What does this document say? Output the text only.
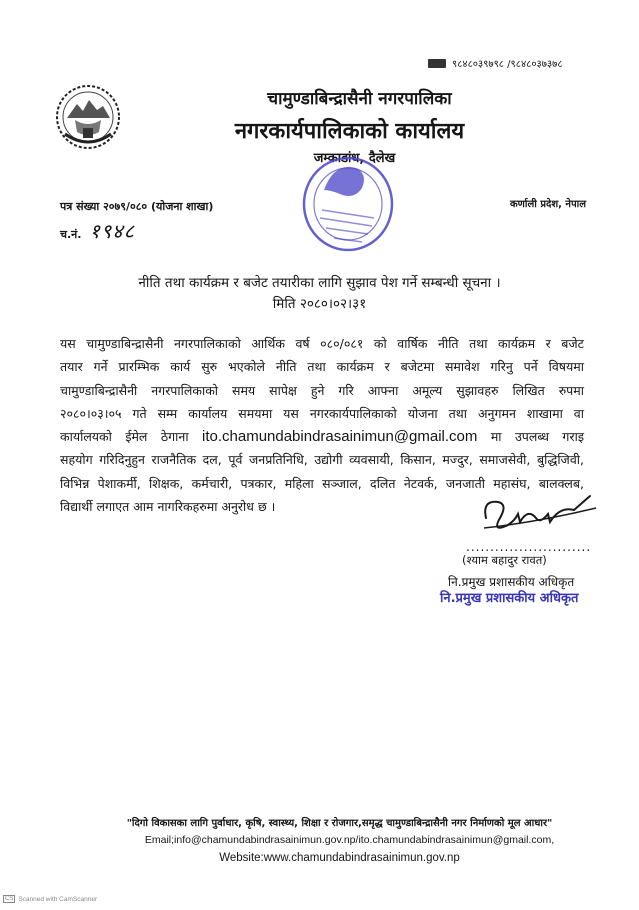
९८४८०३९७९८ /९८४८०३७३७८
चामुण्डाबिन्द्रासैनी नगरपालिका
नगरकार्यपालिकाको कार्यालय
जम्काडांध, दैलेख
पत्र संख्या २०७९/०८० (योजना शाखा)	कर्णाली प्रदेश, नेपाल
च.नं. १९४८
नीति तथा कार्यक्रम र बजेट तयारीका लागि सुझाव पेश गर्ने सम्बन्धी सूचना ।
मिति २०८०।०२।३१
यस चामुण्डाबिन्द्रासैनी नगरपालिकाको आर्थिक वर्ष ०८०/०८१ को वार्षिक नीति तथा कार्यक्रम र बजेट
तयार गर्ने प्रारम्भिक कार्य सुरु भएकोले नीति तथा कार्यक्रम र बजेटमा समावेश गरिनु पर्ने विषयमा
चामुण्डाबिन्द्रासैनी नगरपालिकाको समय सापेक्ष हुने गरि आफ्ना अमूल्य सुझावहरु लिखित रुपमा
२०८०।०३।०५ गते सम्म कार्यालय समयमा यस नगरकार्यपालिकाको योजना तथा अनुगमन शाखामा वा
कार्यालयको ईमेल ठेगाना ito.chamundabindrasainimun@gmail.com मा उपलब्ध गराइ
सहयोग गरिदिनुहुन राजनैतिक दल, पूर्व जनप्रतिनिधि, उद्योगी व्यवसायी, किसान, मज्दुर, समाजसेवी, बुद्धिजिवी,
विभिन्न पेशाकर्मी, शिक्षक, कर्मचारी, पत्रकार, महिला सञ्जाल, दलित नेटवर्क, जनजाती महासंघ, बालक्लब,
विद्यार्थी लगाएत आम नागरिकहरुमा अनुरोध छ ।
..........................
(श्याम बहादुर रावत)
नि.प्रमुख प्रशासकीय अधिकृत
नि.प्रमुख प्रशासकीय अधिकृत
"दिगो विकासका लागि पुर्वाधार, कृषि, स्वास्थ्य, शिक्षा र रोजगार,समृद्ध चामुण्डाबिन्द्रासैनी नगर निर्माणको मूल आधार"
Email;info@chamundabindrasainimun.gov.np/ito.chamundabindrasainimun@gmail.com,
Website:www.chamundabindrasainimun.gov.np
CS Scanned with CamScanner
